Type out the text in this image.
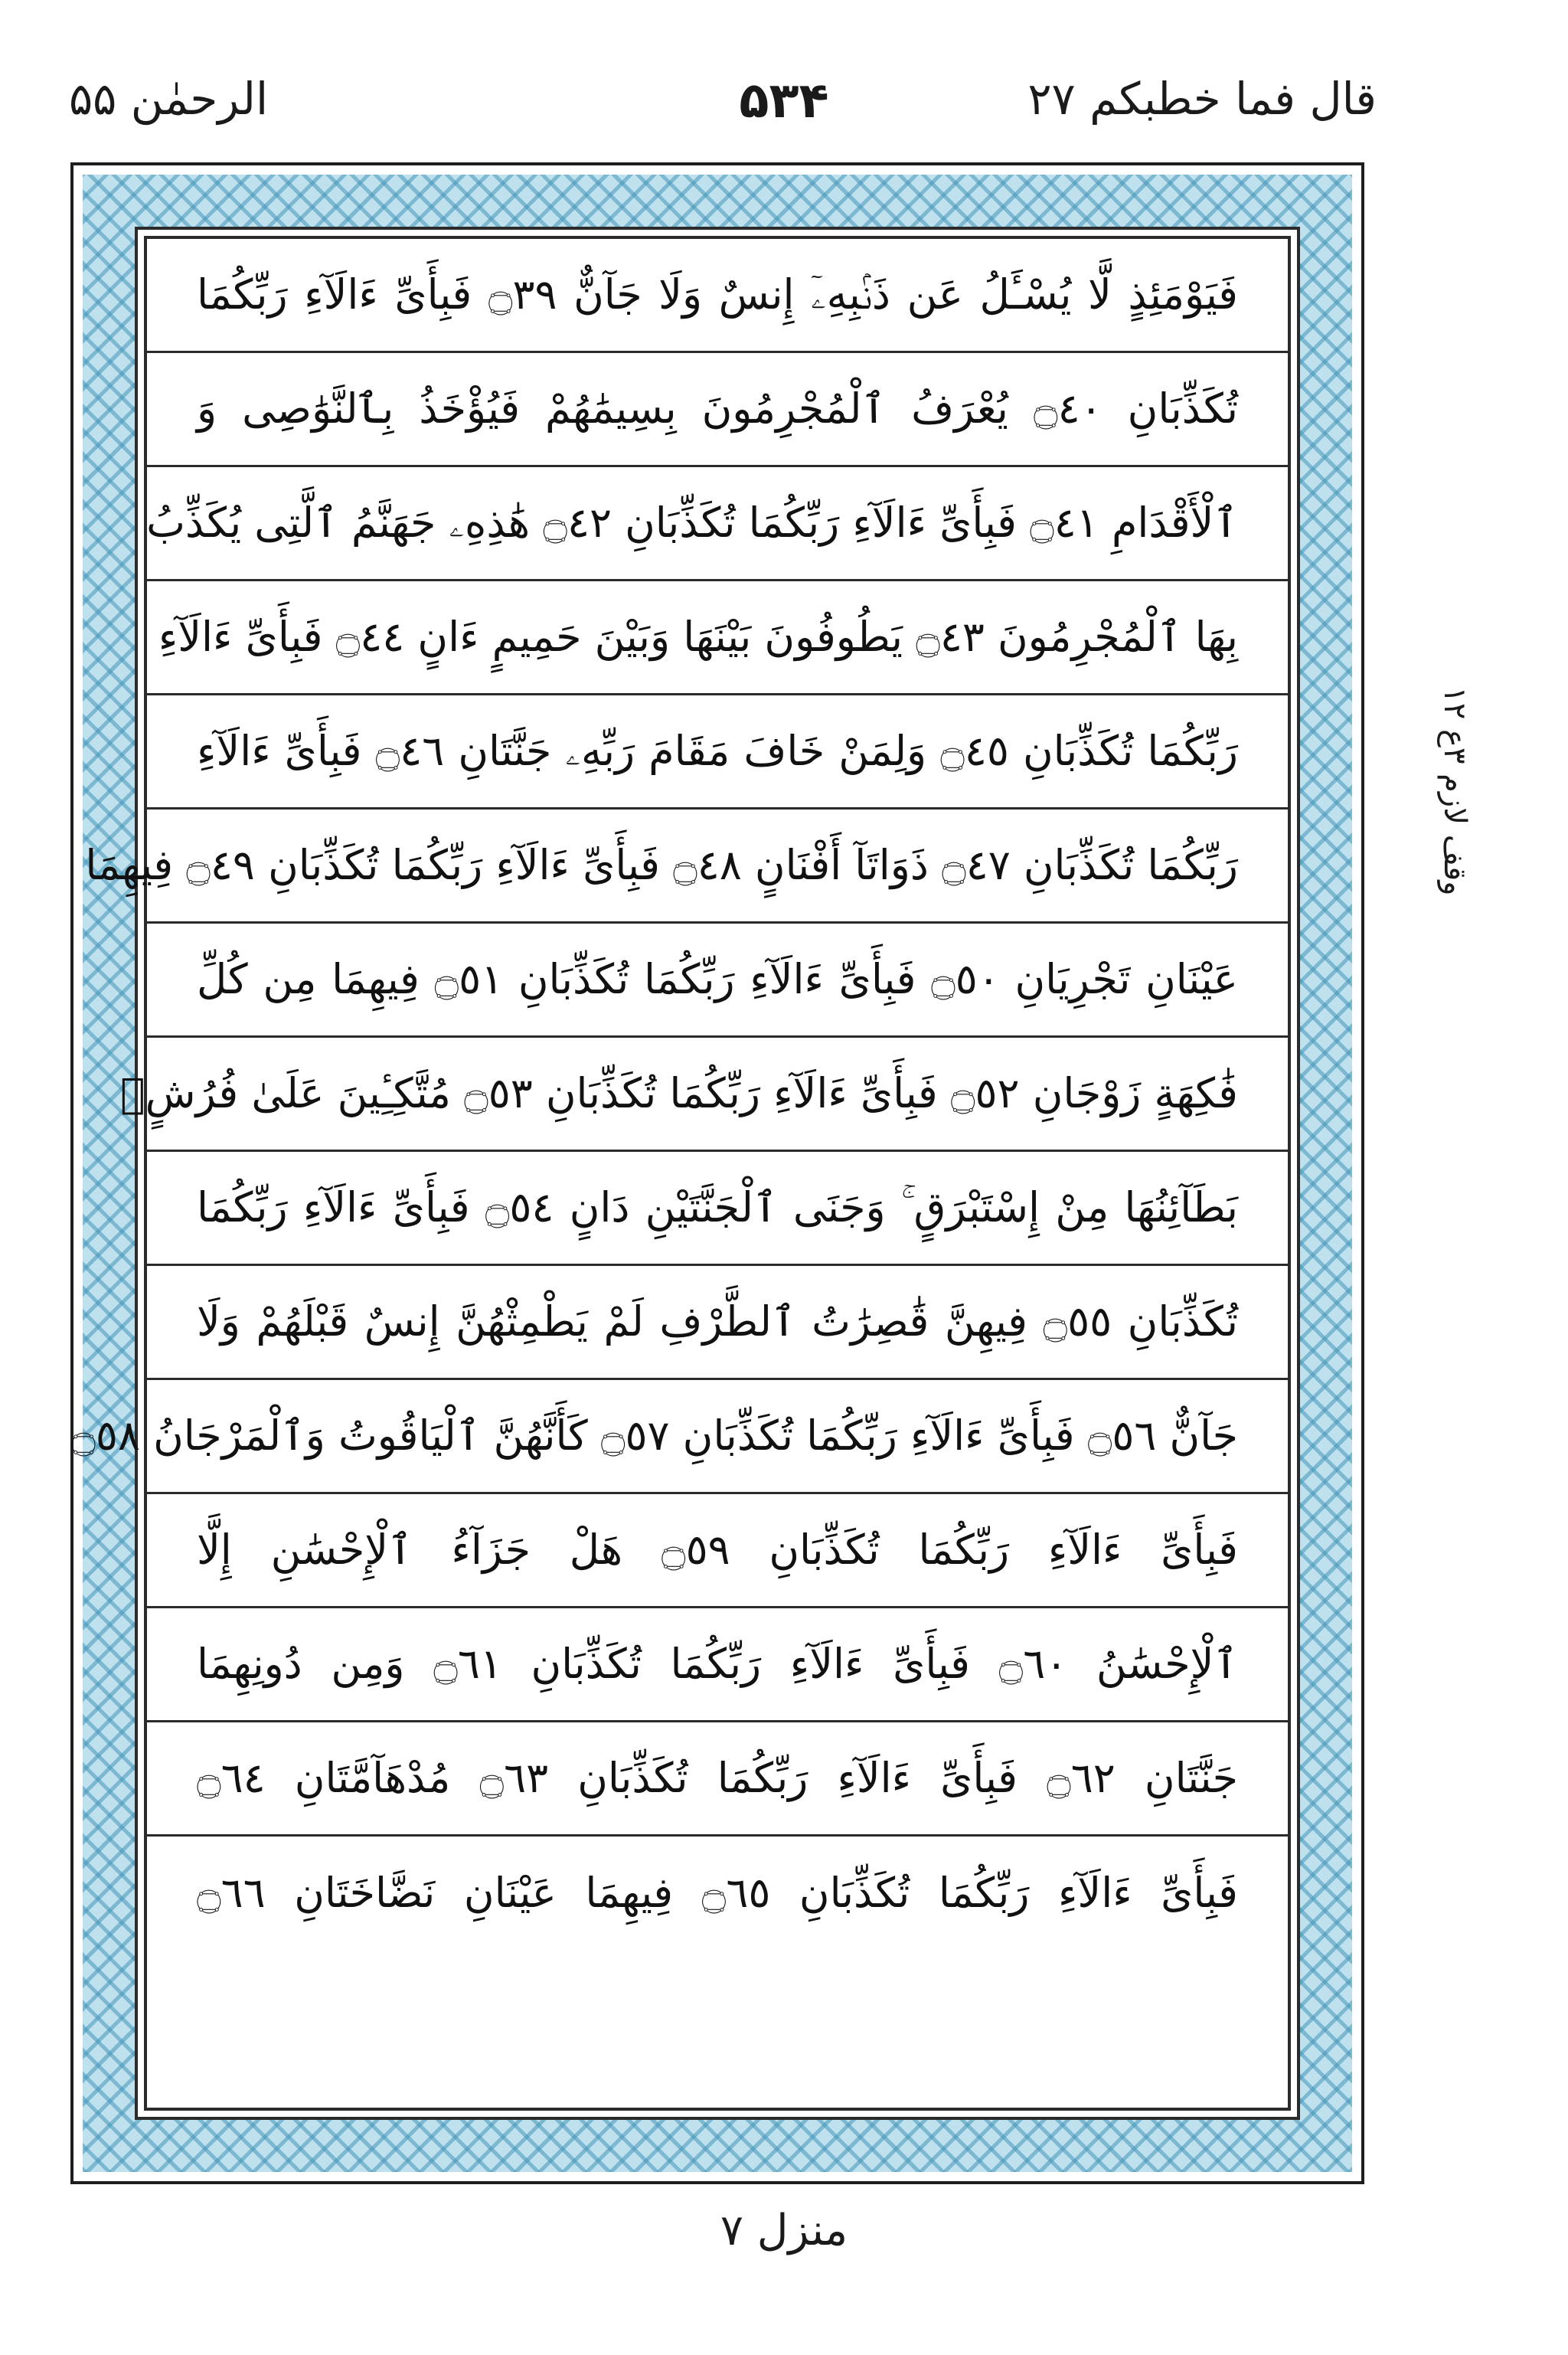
قال فما خطبکم ۲۷
۵۳۴
الرحمٰن ۵۵
فَيَوْمَئِذٍ لَّا يُسْـَٔلُ عَن ذَنۢبِهِۦٓ إِنسٌ وَلَا جَآنٌّ ۝٣٩ فَبِأَىِّ ءَالَآءِ رَبِّكُمَا
تُكَذِّبَانِ ۝٤٠ يُعْرَفُ ٱلْمُجْرِمُونَ بِسِيمَٰهُمْ فَيُؤْخَذُ بِٱلنَّوَٰصِى وَ
ٱلْأَقْدَامِ ۝٤١ فَبِأَىِّ ءَالَآءِ رَبِّكُمَا تُكَذِّبَانِ ۝٤٢ هَٰذِهِۦ جَهَنَّمُ ٱلَّتِى يُكَذِّبُ
بِهَا ٱلْمُجْرِمُونَ ۝٤٣ يَطُوفُونَ بَيْنَهَا وَبَيْنَ حَمِيمٍ ءَانٍ ۝٤٤ فَبِأَىِّ ءَالَآءِ
رَبِّكُمَا تُكَذِّبَانِ ۝٤٥ وَلِمَنْ خَافَ مَقَامَ رَبِّهِۦ جَنَّتَانِ ۝٤٦ فَبِأَىِّ ءَالَآءِ
رَبِّكُمَا تُكَذِّبَانِ ۝٤٧ ذَوَاتَآ أَفْنَانٍ ۝٤٨ فَبِأَىِّ ءَالَآءِ رَبِّكُمَا تُكَذِّبَانِ ۝٤٩ فِيهِمَا
عَيْنَانِ تَجْرِيَانِ ۝٥٠ فَبِأَىِّ ءَالَآءِ رَبِّكُمَا تُكَذِّبَانِ ۝٥١ فِيهِمَا مِن كُلِّ
فَٰكِهَةٍ زَوْجَانِ ۝٥٢ فَبِأَىِّ ءَالَآءِ رَبِّكُمَا تُكَذِّبَانِ ۝٥٣ مُتَّكِـِٔينَ عَلَىٰ فُرُشٍۭ
بَطَآئِنُهَا مِنْ إِسْتَبْرَقٍ ۚ وَجَنَى ٱلْجَنَّتَيْنِ دَانٍ ۝٥٤ فَبِأَىِّ ءَالَآءِ رَبِّكُمَا
تُكَذِّبَانِ ۝٥٥ فِيهِنَّ قَٰصِرَٰتُ ٱلطَّرْفِ لَمْ يَطْمِثْهُنَّ إِنسٌ قَبْلَهُمْ وَلَا
جَآنٌّ ۝٥٦ فَبِأَىِّ ءَالَآءِ رَبِّكُمَا تُكَذِّبَانِ ۝٥٧ كَأَنَّهُنَّ ٱلْيَاقُوتُ وَٱلْمَرْجَانُ ۝٥٨
فَبِأَىِّ ءَالَآءِ رَبِّكُمَا تُكَذِّبَانِ ۝٥٩ هَلْ جَزَآءُ ٱلْإِحْسَٰنِ إِلَّا
ٱلْإِحْسَٰنُ ۝٦٠ فَبِأَىِّ ءَالَآءِ رَبِّكُمَا تُكَذِّبَانِ ۝٦١ وَمِن دُونِهِمَا
جَنَّتَانِ ۝٦٢ فَبِأَىِّ ءَالَآءِ رَبِّكُمَا تُكَذِّبَانِ ۝٦٣ مُدْهَآمَّتَانِ ۝٦٤
فَبِأَىِّ ءَالَآءِ رَبِّكُمَا تُكَذِّبَانِ ۝٦٥ فِيهِمَا عَيْنَانِ نَضَّاخَتَانِ ۝٦٦
وقف لازم ۳ع ۱۲
منزل ۷
